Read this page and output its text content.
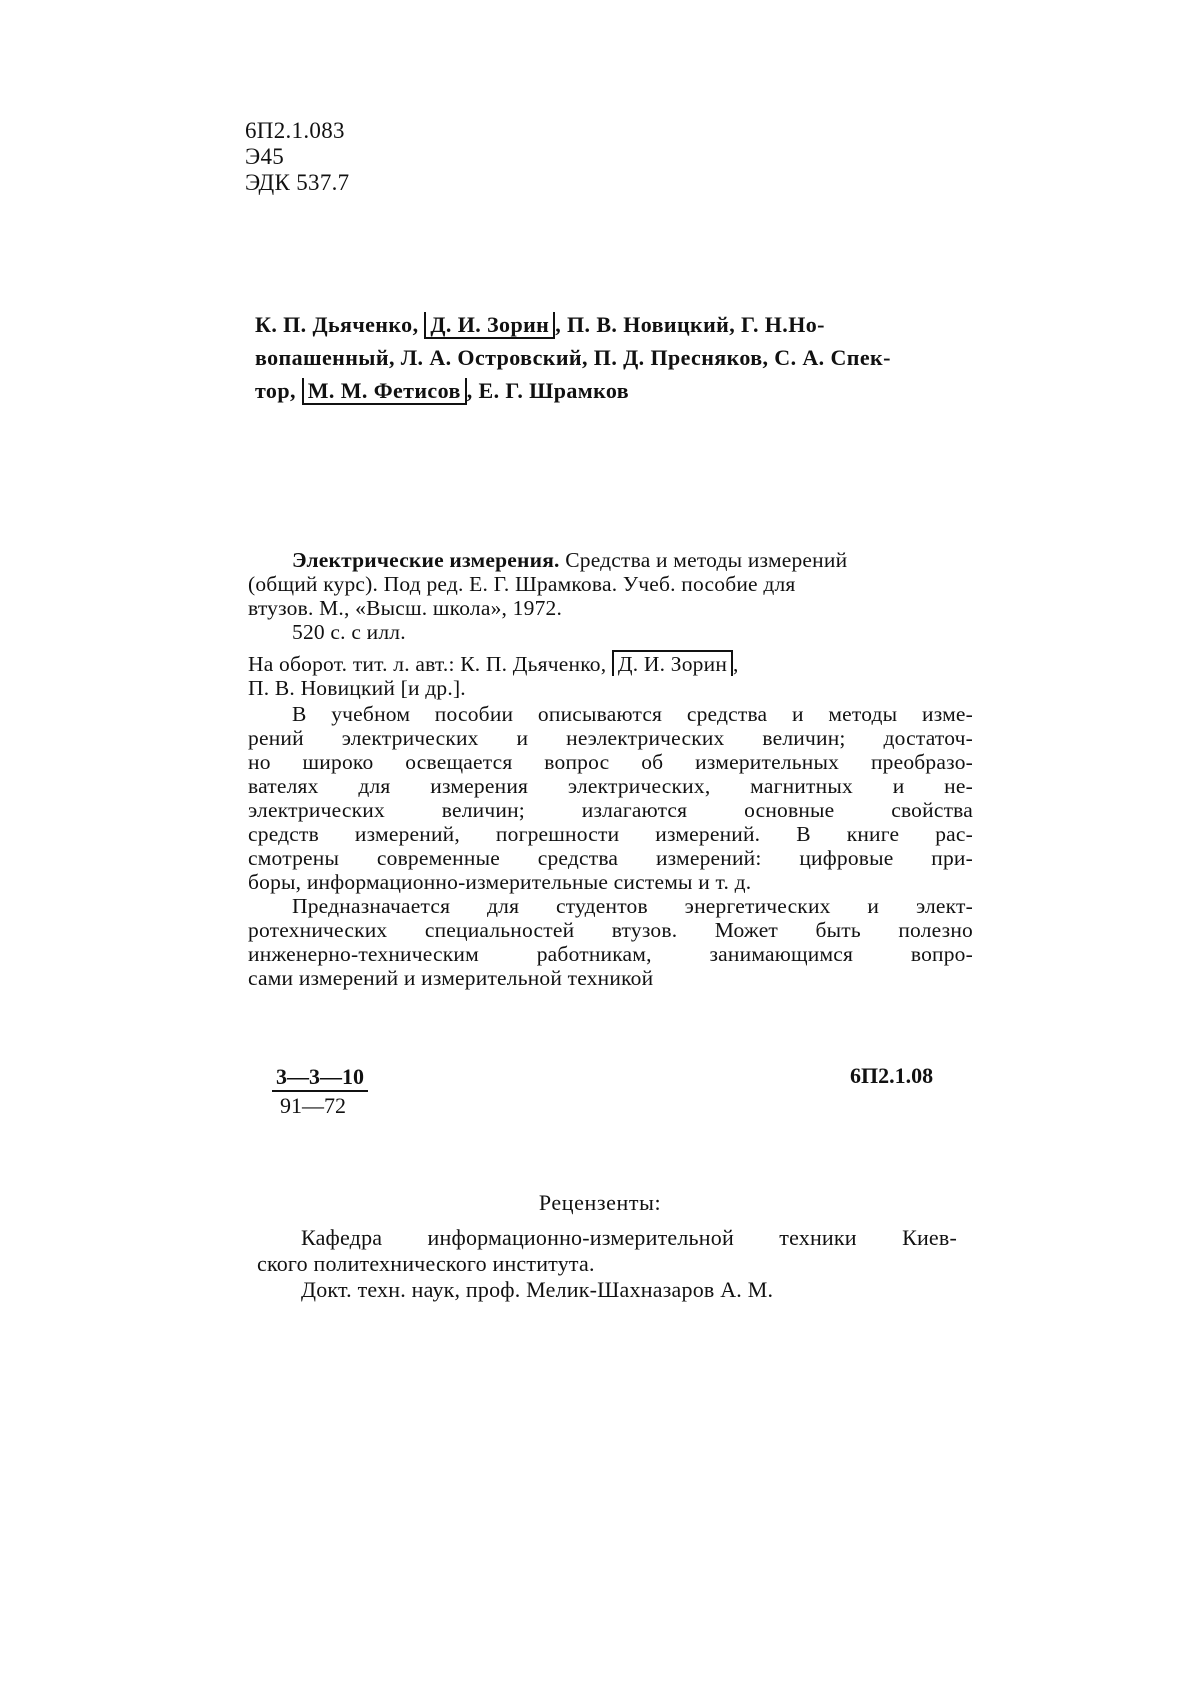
6П2.1.083
Э45
ЭДК 537.7
К. П. Дьяченко, Д. И. Зорин , П. В. Новицкий, Г. Н.Но-
вопашенный, Л. А. Островский, П. Д. Пресняков, С. А. Спек-
тор, М. М. Фетисов , Е. Г. Шрамков

Электрические измерения. Средства и методы измерений

(общий курс). Под ред. Е. Г. Шрамкова. Учеб. пособие для

втузов. М., «Высш. школа», 1972.

520 с. с илл.

На оборот. тит. л. авт.: К. П. Дьяченко, Д. И. Зорин ,

П. В. Новицкий [и др.].

В учебном пособии описываются средства и методы изме-

рений электрических и неэлектрических величин; достаточ-

но широко освещается вопрос об измерительных преобразо-

вателях для измерения электрических, магнитных и не-

электрических величин; излагаются основные свойства

средств измерений, погрешности измерений. В книге рас-

смотрены современные средства измерений: цифровые при-

боры, информационно-измерительные системы и т. д.

Предназначается для студентов энергетических и элект-

ротехнических специальностей втузов. Может быть полезно

инженерно-техническим работникам, занимающимся вопро-

сами измерений и измерительной техникой

$\frac{3—3—10}{91—72}$	6П2.1.08
Рецензенты:

Кафедра информационно-измерительной техники Киев-

ского политехнического института.

Докт. техн. наук, проф. Мелик-Шахназаров А. М.
